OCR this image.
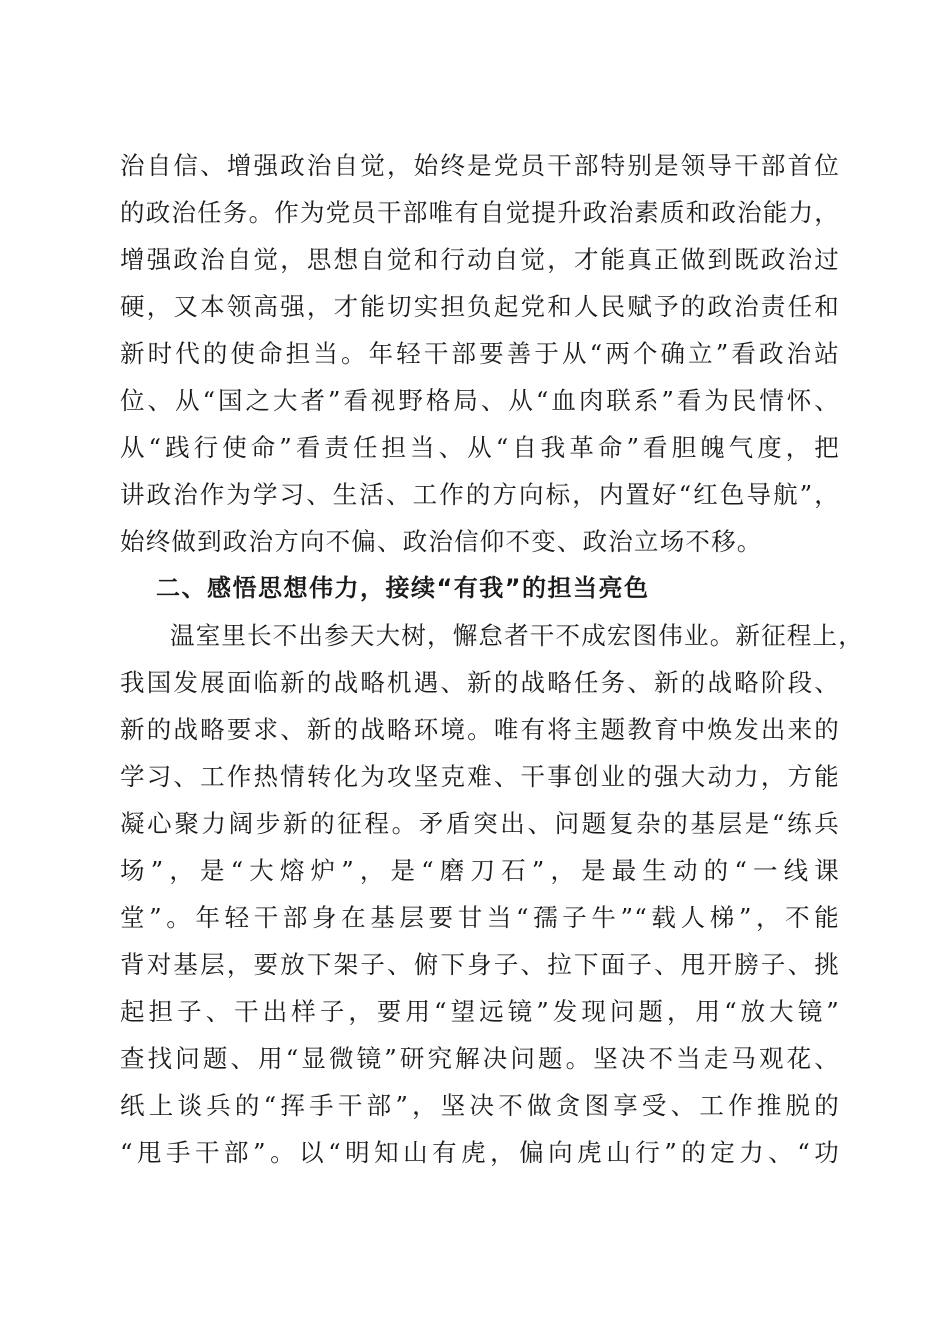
治自信、增强政治自觉，始终是党员干部特别是领导干部首位
的政治任务。作为党员干部唯有自觉提升政治素质和政治能力，
增强政治自觉，思想自觉和行动自觉，才能真正做到既政治过
硬，又本领高强，才能切实担负起党和人民赋予的政治责任和
新时代的使命担当。年轻干部要善于从“两个确立”看政治站
位、从“国之大者”看视野格局、从“血肉联系”看为民情怀、
从“践行使命”看责任担当、从“自我革命”看胆魄气度，把
讲政治作为学习、生活、工作的方向标，内置好“红色导航”，
始终做到政治方向不偏、政治信仰不变、政治立场不移。
二、感悟思想伟力，接续“有我”的担当亮色
温室里长不出参天大树，懈怠者干不成宏图伟业。新征程上，
我国发展面临新的战略机遇、新的战略任务、新的战略阶段、
新的战略要求、新的战略环境。唯有将主题教育中焕发出来的
学习、工作热情转化为攻坚克难、干事创业的强大动力，方能
凝心聚力阔步新的征程。矛盾突出、问题复杂的基层是“练兵
场”，是“大熔炉”，是“磨刀石”，是最生动的“一线课
堂”。年轻干部身在基层要甘当“孺子牛”“载人梯”，不能
背对基层，要放下架子、俯下身子、拉下面子、甩开膀子、挑
起担子、干出样子，要用“望远镜”发现问题，用“放大镜”
查找问题、用“显微镜”研究解决问题。坚决不当走马观花、
纸上谈兵的“挥手干部”，坚决不做贪图享受、工作推脱的
“甩手干部”。以“明知山有虎，偏向虎山行”的定力、“功
